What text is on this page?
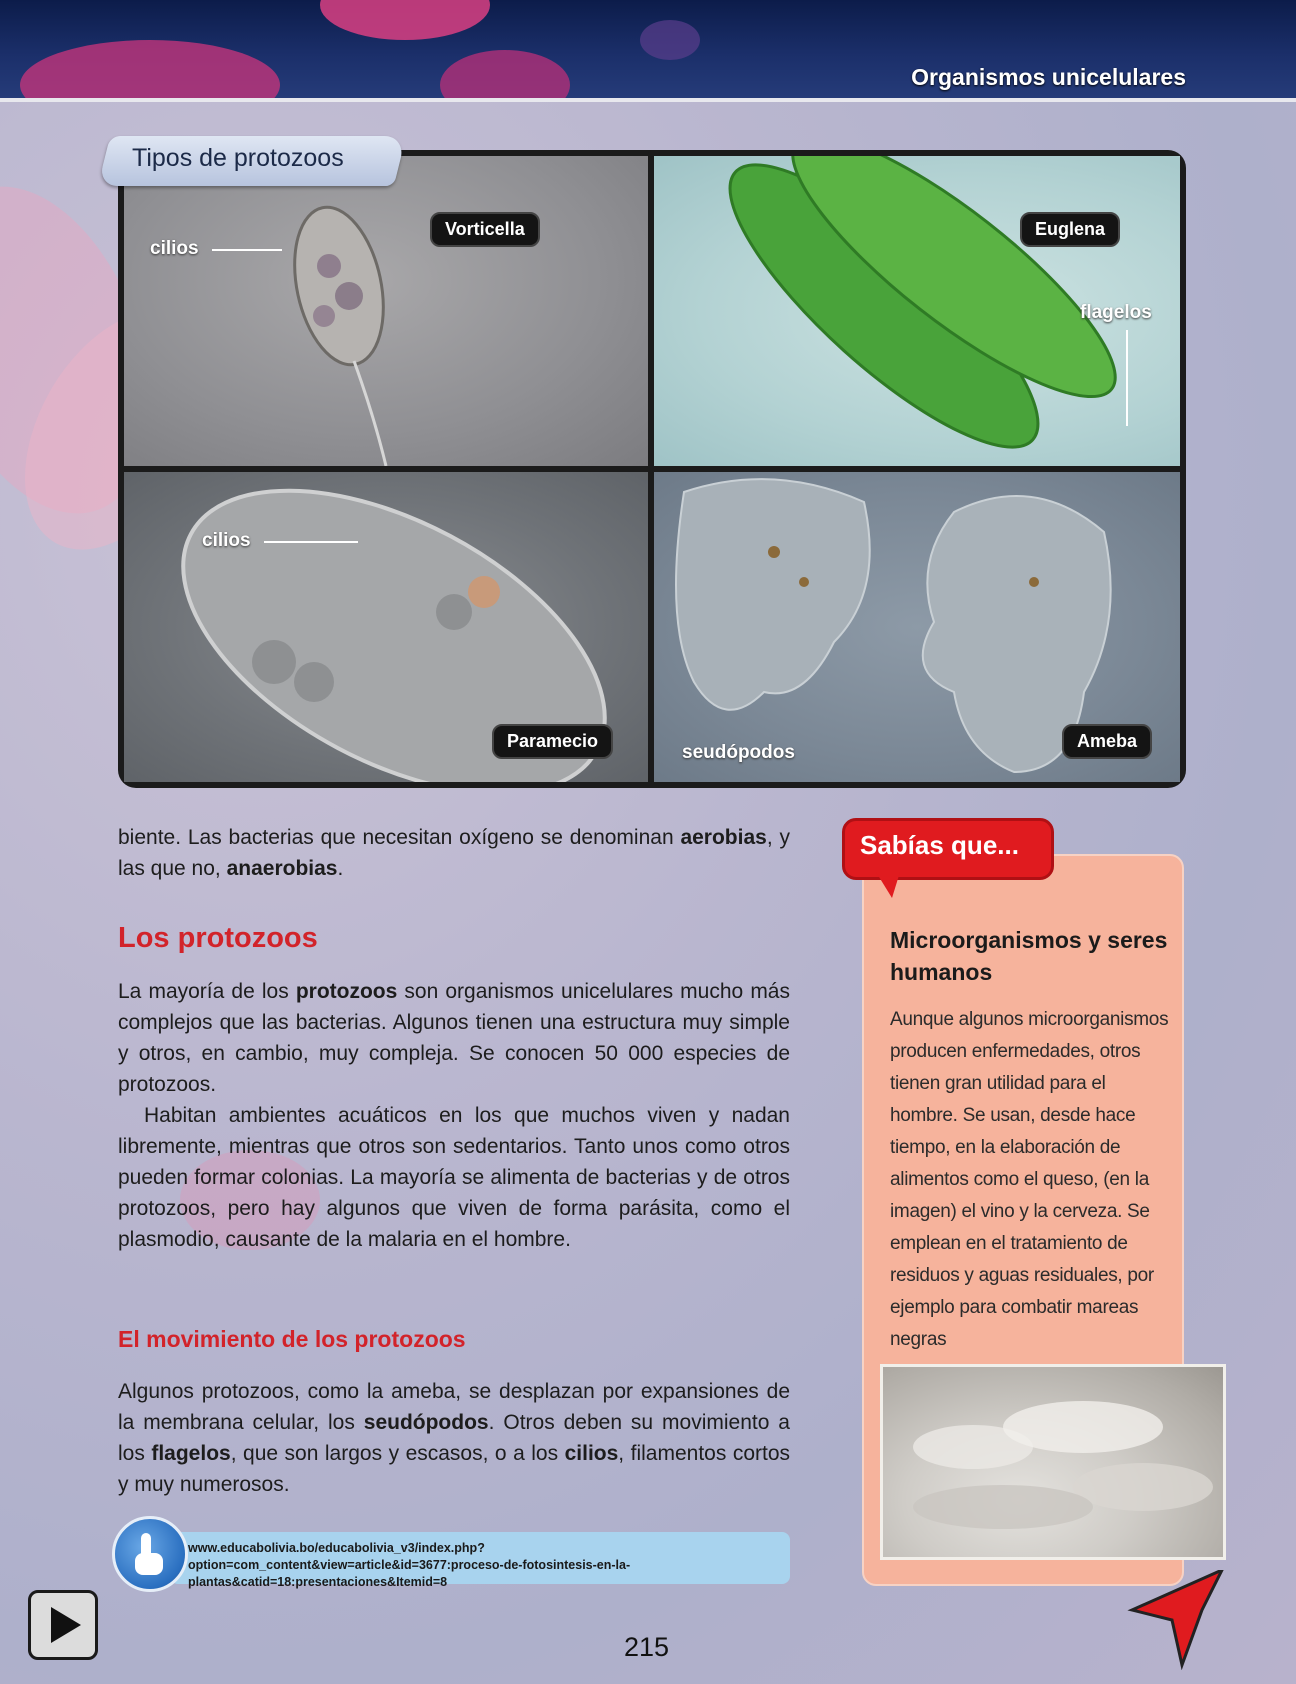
Organismos unicelulares
Tipos de protozoos
Vorticella
cilios
Euglena
flagelos
Paramecio
cilios
Ameba
seudópodos
biente. Las bacterias que necesitan oxígeno se denominan aerobias, y las que no, anaerobias.
Los protozoos
La mayoría de los protozoos son organismos unicelulares mucho más complejos que las bacterias. Algunos tienen una estructura muy simple y otros, en cambio, muy compleja. Se conocen 50 000 especies de protozoos.
Habitan ambientes acuáticos en los que muchos viven y nadan libremente, mientras que otros son sedentarios. Tanto unos como otros pueden formar colonias. La mayoría se alimenta de bacterias y de otros protozoos, pero hay algunos que viven de forma parásita, como el plasmodio, causante de la malaria en el hombre.
El movimiento de los protozoos
Algunos protozoos, como la ameba, se desplazan por expansiones de la membrana celular, los seudópodos. Otros deben su movimiento a los flagelos, que son largos y escasos, o a los cilios, filamentos cortos y muy numerosos.
www.educabolivia.bo/educabolivia_v3/index.php?option=com_content&view=article&id=3677:proceso-de-fotosintesis-en-la-plantas&catid=18:presentaciones&Itemid=8
Sabías que...
Microorganismos y seres humanos
Aunque algunos microorganismos producen enfermedades, otros tienen gran utilidad para el hombre. Se usan, desde hace tiempo, en la elaboración de alimentos como el queso, (en la imagen) el vino y la cerveza. Se emplean en el tratamiento de residuos y aguas residuales, por ejemplo para combatir mareas negras
215
